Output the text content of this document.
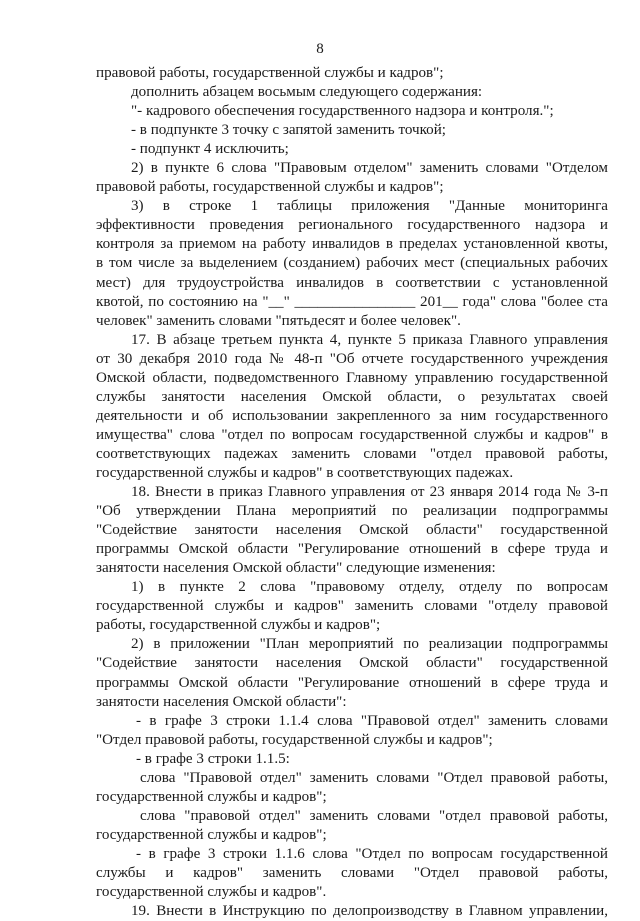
8
правовой работы, государственной службы и кадров";
дополнить абзацем восьмым следующего содержания:
"- кадрового обеспечения государственного надзора и контроля.";
- в подпункте 3 точку с запятой заменить точкой;
- подпункт 4 исключить;
2) в пункте 6 слова "Правовым отделом" заменить словами "Отделом
правовой работы, государственной службы и кадров";
3) в строке 1 таблицы приложения "Данные мониторинга
эффективности проведения регионального государственного надзора и
контроля за приемом на работу инвалидов в пределах установленной квоты,
в том числе за выделением (созданием) рабочих мест (специальных рабочих
мест) для трудоустройства инвалидов в соответствии с установленной
квотой, по состоянию на "__" ________________ 201__ года" слова "более ста
человек" заменить словами "пятьдесят и более человек".
17. В абзаце третьем пункта 4, пункте 5 приказа Главного управления
от 30 декабря 2010 года № 48-п "Об отчете государственного учреждения
Омской области, подведомственного Главному управлению государственной
службы занятости населения Омской области, о результатах своей
деятельности и об использовании закрепленного за ним государственного
имущества" слова "отдел по вопросам государственной службы и кадров" в
соответствующих падежах заменить словами "отдел правовой работы,
государственной службы и кадров" в соответствующих падежах.
18. Внести в приказ Главного управления от 23 января 2014 года № 3-п
"Об утверждении Плана мероприятий по реализации подпрограммы
"Содействие занятости населения Омской области" государственной
программы Омской области "Регулирование отношений в сфере труда и
занятости населения Омской области" следующие изменения:
1) в пункте 2 слова "правовому отделу, отделу по вопросам
государственной службы и кадров" заменить словами "отделу правовой
работы, государственной службы и кадров";
2) в приложении "План мероприятий по реализации подпрограммы
"Содействие занятости населения Омской области" государственной
программы Омской области "Регулирование отношений в сфере труда и
занятости населения Омской области":
- в графе 3 строки 1.1.4 слова "Правовой отдел" заменить словами
"Отдел правовой работы, государственной службы и кадров";
- в графе 3 строки 1.1.5:
слова "Правовой отдел" заменить словами "Отдел правовой работы,
государственной службы и кадров";
слова "правовой отдел" заменить словами "отдел правовой работы,
государственной службы и кадров";
- в графе 3 строки 1.1.6 слова "Отдел по вопросам государственной
службы и кадров" заменить словами "Отдел правовой работы,
государственной службы и кадров".
19. Внести в Инструкцию по делопроизводству в Главном управлении,
